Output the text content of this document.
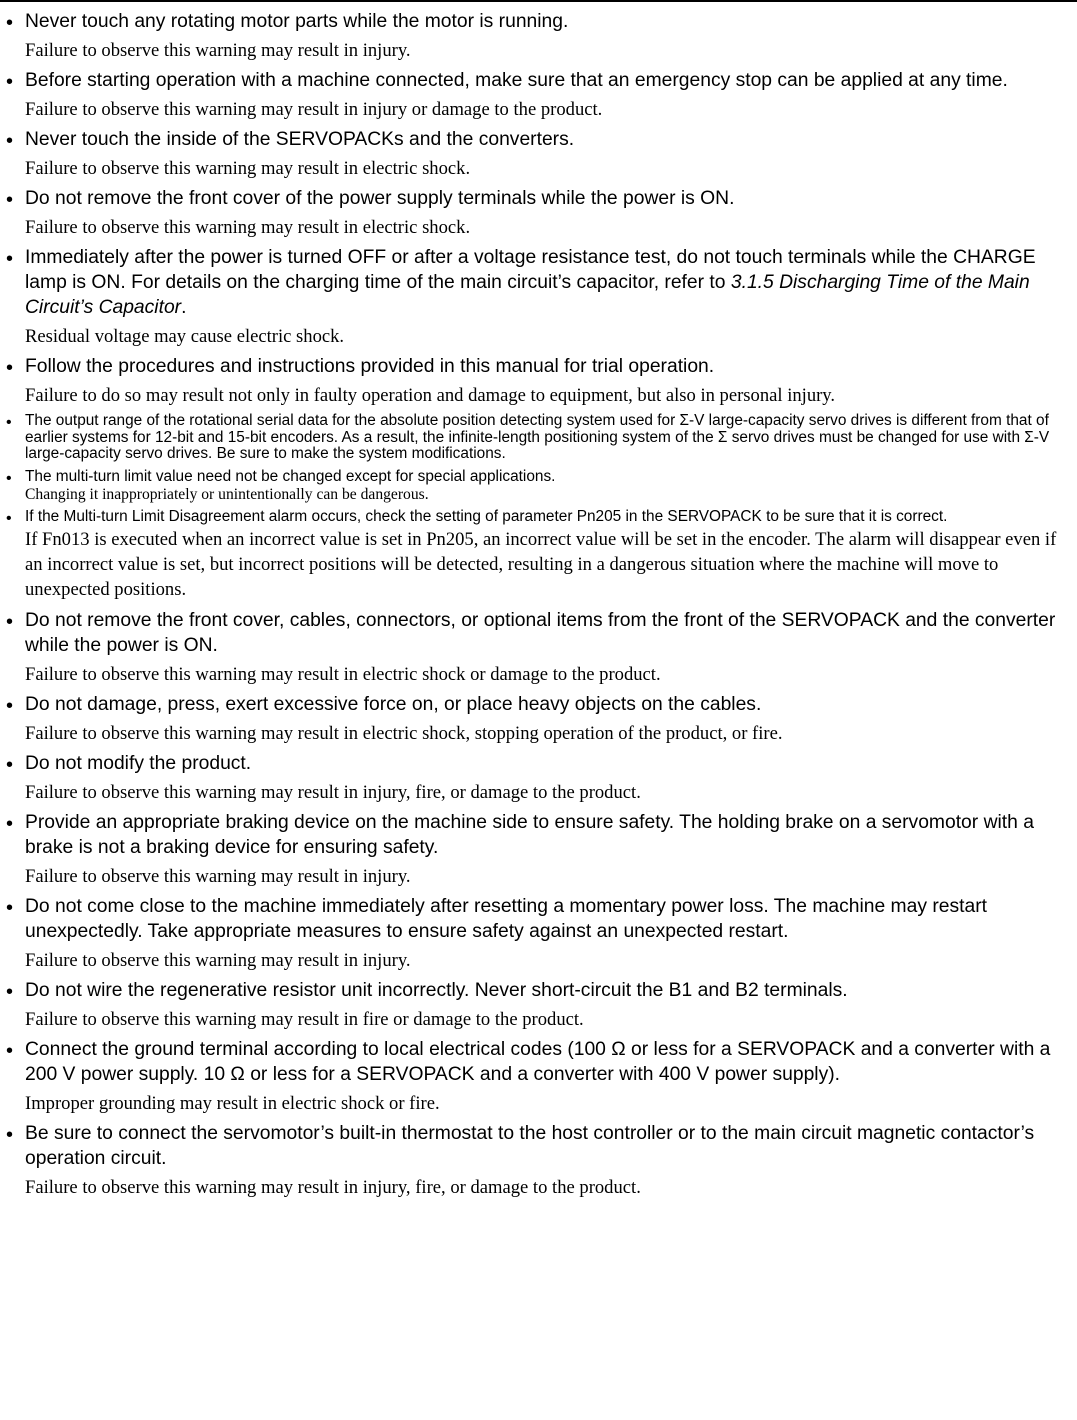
• Never touch any rotating motor parts while the motor is running.

Failure to observe this warning may result in injury.

• Before starting operation with a machine connected, make sure that an emergency stop can be applied at any time.

Failure to observe this warning may result in injury or damage to the product.

• Never touch the inside of the SERVOPACKs and the converters.

Failure to observe this warning may result in electric shock.

• Do not remove the front cover of the power supply terminals while the power is ON.

Failure to observe this warning may result in electric shock.

• Immediately after the power is turned OFF or after a voltage resistance test, do not touch terminals while the CHARGE lamp is ON. For details on the charging time of the main circuit’s capacitor, refer to 3.1.5 Discharging Time of the Main Circuit’s Capacitor.

Residual voltage may cause electric shock.

• Follow the procedures and instructions provided in this manual for trial operation.

Failure to do so may result not only in faulty operation and damage to equipment, but also in personal injury.

• The output range of the rotational serial data for the absolute position detecting system used for Σ-V large-capacity servo drives is different from that of earlier systems for 12-bit and 15-bit encoders. As a result, the infinite-length positioning system of the Σ servo drives must be changed for use with Σ-V large-capacity servo drives. Be sure to make the system modifications.

• The multi-turn limit value need not be changed except for special applications.

Changing it inappropriately or unintentionally can be dangerous.

• If the Multi-turn Limit Disagreement alarm occurs, check the setting of parameter Pn205 in the SERVOPACK to be sure that it is correct.

If Fn013 is executed when an incorrect value is set in Pn205, an incorrect value will be set in the encoder. The alarm will disappear even if an incorrect value is set, but incorrect positions will be detected, resulting in a dangerous situation where the machine will move to unexpected positions.

• Do not remove the front cover, cables, connectors, or optional items from the front of the SERVOPACK and the converter while the power is ON.

Failure to observe this warning may result in electric shock or damage to the product.

• Do not damage, press, exert excessive force on, or place heavy objects on the cables.

Failure to observe this warning may result in electric shock, stopping operation of the product, or fire.

• Do not modify the product.

Failure to observe this warning may result in injury, fire, or damage to the product.

• Provide an appropriate braking device on the machine side to ensure safety. The holding brake on a servomotor with a brake is not a braking device for ensuring safety.

Failure to observe this warning may result in injury.

• Do not come close to the machine immediately after resetting a momentary power loss. The machine may restart unexpectedly. Take appropriate measures to ensure safety against an unexpected restart.

Failure to observe this warning may result in injury.

• Do not wire the regenerative resistor unit incorrectly. Never short-circuit the B1 and B2 terminals.

Failure to observe this warning may result in fire or damage to the product.

• Connect the ground terminal according to local electrical codes (100 Ω or less for a SERVOPACK and a converter with a 200 V power supply. 10 Ω or less for a SERVOPACK and a converter with 400 V power supply).

Improper grounding may result in electric shock or fire.

• Be sure to connect the servomotor’s built-in thermostat to the host controller or to the main circuit magnetic contactor’s operation circuit.

Failure to observe this warning may result in injury, fire, or damage to the product.
